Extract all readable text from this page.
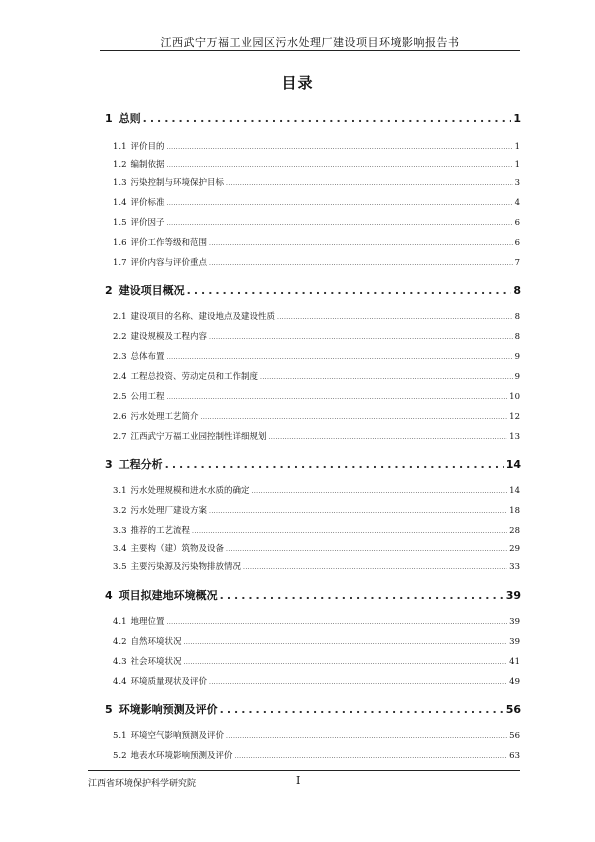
江西武宁万福工业园区污水处理厂建设项目环境影响报告书
目录
1 总则 .....	1
1.1 评价目的 .....	1
1.2 编制依据 .....	1
1.3 污染控制与环境保护目标 .....	3
1.4 评价标准 .....	4
1.5 评价因子 .....	6
1.6 评价工作等级和范围 .....	6
1.7 评价内容与评价重点 .....	7
2 建设项目概况 .....	8
2.1 建设项目的名称、建设地点及建设性质 .....	8
2.2 建设规模及工程内容 .....	8
2.3 总体布置 .....	9
2.4 工程总投资、劳动定员和工作制度 .....	9
2.5 公用工程 .....	10
2.6 污水处理工艺简介 .....	12
2.7 江西武宁万福工业园控制性详细规划 .....	13
3 工程分析 .....	14
3.1 污水处理规模和进水水质的确定 .....	14
3.2 污水处理厂建设方案 .....	18
3.3 推荐的工艺流程 .....	28
3.4 主要构（建）筑物及设备 .....	29
3.5 主要污染源及污染物排放情况 .....	33
4 项目拟建地环境概况 .....	39
4.1 地理位置 .....	39
4.2 自然环境状况 .....	39
4.3 社会环境状况 .....	41
4.4 环境质量现状及评价 .....	49
5 环境影响预测及评价 .....	56
5.1 环境空气影响预测及评价 .....	56
5.2 地表水环境影响预测及评价 .....	63
江西省环境保护科学研究院	I
